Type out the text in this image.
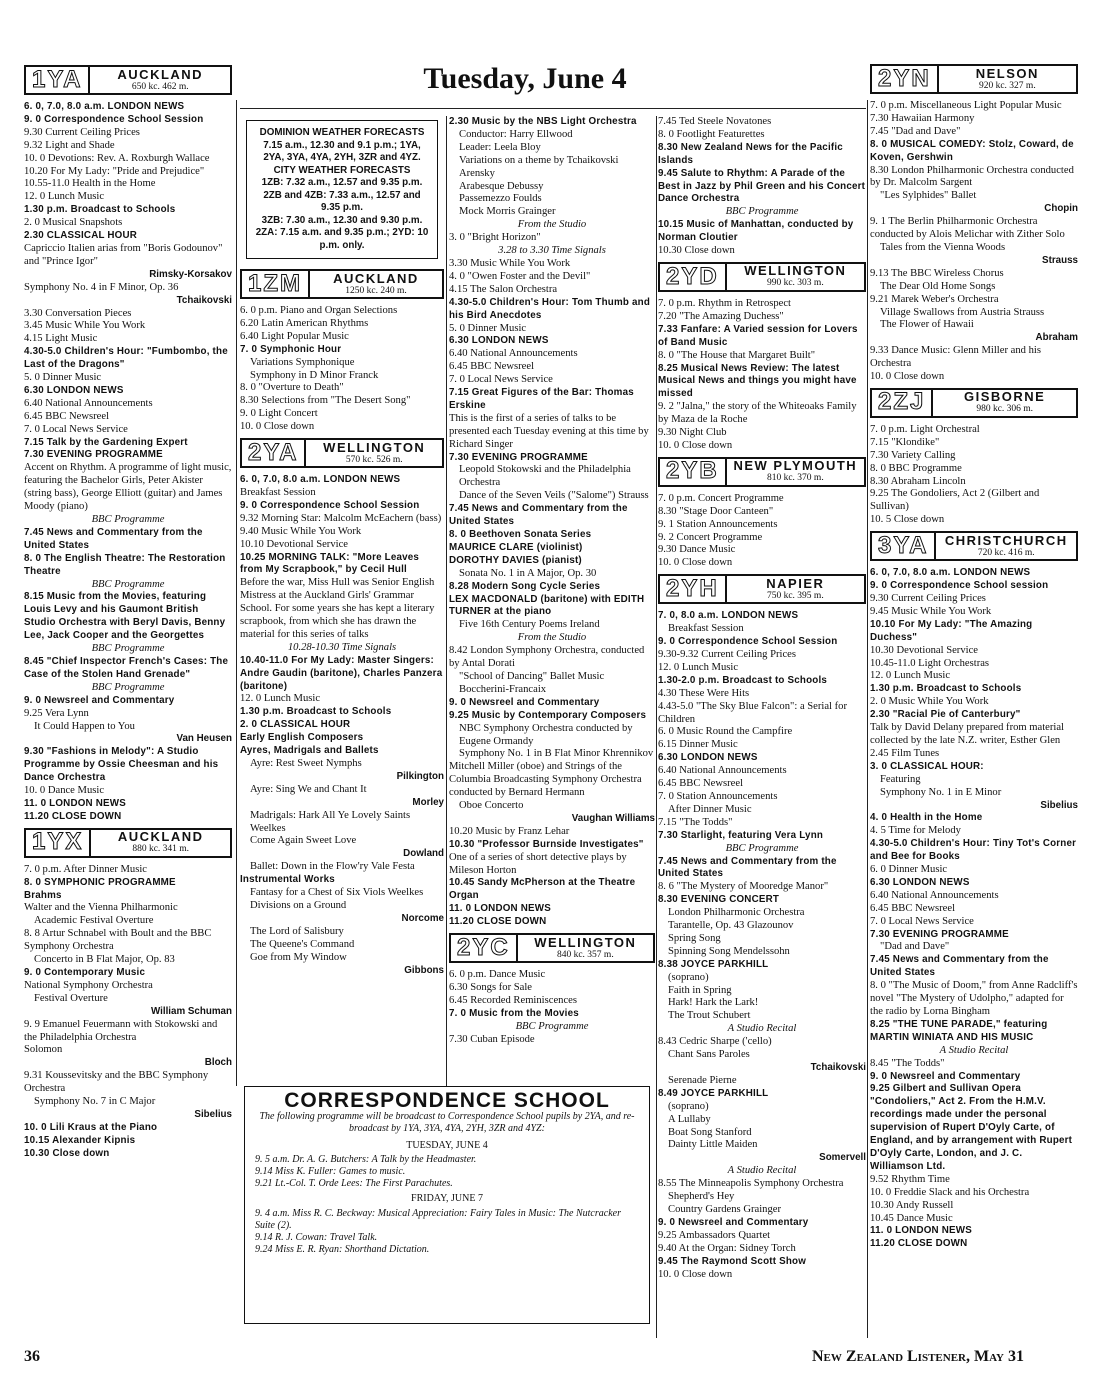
Tuesday, June 4
1YA	AUCKLAND
650 kc. 462 m.
6. 0, 7.0, 8.0 a.m. LONDON NEWS
9. 0 Correspondence School Session
9.30 Current Ceiling Prices
9.32 Light and Shade
10. 0 Devotions: Rev. A. Roxburgh Wallace
10.20 For My Lady: "Pride and Prejudice"
10.55-11.0 Health in the Home
12. 0 Lunch Music
1.30 p.m. Broadcast to Schools
2. 0 Musical Snapshots
2.30 CLASSICAL HOUR
Capriccio Italien arias from "Boris Godounov" and "Prince Igor"
Rimsky-Korsakov
Symphony No. 4 in F Minor, Op. 36
Tchaikovski
3.30 Conversation Pieces
3.45 Music While You Work
4.15 Light Music
4.30-5.0 Children's Hour: "Fumbombo, the Last of the Dragons"
5. 0 Dinner Music
6.30 LONDON NEWS
6.40 National Announcements
6.45 BBC Newsreel
7. 0 Local News Service
7.15 Talk by the Gardening Expert
7.30 EVENING PROGRAMME
Accent on Rhythm. A programme of light music, featuring the Bachelor Girls, Peter Akister (string bass), George Elliott (guitar) and James Moody (piano)
BBC Programme
7.45 News and Commentary from the United States
8. 0 The English Theatre: The Restoration Theatre
BBC Programme
8.15 Music from the Movies, featuring Louis Levy and his Gaumont British Studio Orchestra with Beryl Davis, Benny Lee, Jack Cooper and the Georgettes
BBC Programme
8.45 "Chief Inspector French's Cases: The Case of the Stolen Hand Grenade"
BBC Programme
9. 0 Newsreel and Commentary
9.25 Vera Lynn
It Could Happen to You
Van Heusen
9.30 "Fashions in Melody": A Studio Programme by Ossie Cheesman and his Dance Orchestra
10. 0 Dance Music
11. 0 LONDON NEWS
11.20 CLOSE DOWN
1YX	AUCKLAND
880 kc. 341 m.
7. 0 p.m. After Dinner Music
8. 0 SYMPHONIC PROGRAMME
Brahms
Walter and the Vienna Philharmonic
Academic Festival Overture
8. 8 Artur Schnabel with Boult and the BBC Symphony Orchestra
Concerto in B Flat Major, Op. 83
9. 0 Contemporary Music
National Symphony Orchestra
Festival Overture
William Schuman
9. 9 Emanuel Feuermann with Stokowski and the Philadelphia Orchestra
Solomon
Bloch
9.31 Koussevitsky and the BBC Symphony Orchestra
Symphony No. 7 in C Major
Sibelius
10. 0 Lili Kraus at the Piano
10.15 Alexander Kipnis
10.30 Close down
DOMINION WEATHER FORECASTS
7.15 a.m., 12.30 and 9.1 p.m.; 1YA, 2YA, 3YA, 4YA, 2YH, 3ZR and 4YZ.
CITY WEATHER FORECASTS
1ZB: 7.32 a.m., 12.57 and 9.35 p.m.
2ZB and 4ZB: 7.33 a.m., 12.57 and 9.35 p.m.
3ZB: 7.30 a.m., 12.30 and 9.30 p.m.
2ZA: 7.15 a.m. and 9.35 p.m.; 2YD: 10 p.m. only.
1ZM	AUCKLAND
1250 kc. 240 m.
6. 0 p.m. Piano and Organ Selections
6.20 Latin American Rhythms
6.40 Light Popular Music
7. 0 Symphonic Hour
Variations Symphonique
Symphony in D Minor Franck
8. 0 "Overture to Death"
8.30 Selections from "The Desert Song"
9. 0 Light Concert
10. 0 Close down
2YA	WELLINGTON
570 kc. 526 m.
6. 0, 7.0, 8.0 a.m. LONDON NEWS
Breakfast Session
9. 0 Correspondence School Session
9.32 Morning Star: Malcolm McEachern (bass)
9.40 Music While You Work
10.10 Devotional Service
10.25 MORNING TALK: "More Leaves from My Scrapbook," by Cecil Hull
Before the war, Miss Hull was Senior English Mistress at the Auckland Girls' Grammar School. For some years she has kept a literary scrapbook, from which she has drawn the material for this series of talks
10.28-10.30 Time Signals
10.40-11.0 For My Lady: Master Singers: Andre Gaudin (baritone), Charles Panzera (baritone)
12. 0 Lunch Music
1.30 p.m. Broadcast to Schools
2. 0 CLASSICAL HOUR
Early English Composers
Ayres, Madrigals and Ballets
Ayre: Rest Sweet Nymphs
Pilkington
Ayre: Sing We and Chant It
Morley
Madrigals: Hark All Ye Lovely Saints Weelkes
Come Again Sweet Love
Dowland
Ballet: Down in the Flow'ry Vale Festa
Instrumental Works
Fantasy for a Chest of Six Viols Weelkes
Divisions on a Ground
Norcome
The Lord of Salisbury
The Queene's Command
Goe from My Window
Gibbons
2.30 Music by the NBS Light Orchestra
Conductor: Harry Ellwood
Leader: Leela Bloy
Variations on a theme by Tchaikovski Arensky
Arabesque Debussy
Passemezzo Foulds
Mock Morris Grainger
From the Studio
3. 0 "Bright Horizon"
3.28 to 3.30 Time Signals
3.30 Music While You Work
4. 0 "Owen Foster and the Devil"
4.15 The Salon Orchestra
4.30-5.0 Children's Hour: Tom Thumb and his Bird Anecdotes
5. 0 Dinner Music
6.30 LONDON NEWS
6.40 National Announcements
6.45 BBC Newsreel
7. 0 Local News Service
7.15 Great Figures of the Bar: Thomas Erskine
This is the first of a series of talks to be presented each Tuesday evening at this time by Richard Singer
7.30 EVENING PROGRAMME
Leopold Stokowski and the Philadelphia Orchestra
Dance of the Seven Veils ("Salome") Strauss
7.45 News and Commentary from the United States
8. 0 Beethoven Sonata Series
MAURICE CLARE (violinist)
DOROTHY DAVIES (pianist)
Sonata No. 1 in A Major, Op. 30
8.28 Modern Song Cycle Series
LEX MACDONALD (baritone) with EDITH TURNER at the piano
Five 16th Century Poems Ireland
From the Studio
8.42 London Symphony Orchestra, conducted by Antal Dorati
"School of Dancing" Ballet Music Boccherini-Francaix
9. 0 Newsreel and Commentary
9.25 Music by Contemporary Composers
NBC Symphony Orchestra conducted by Eugene Ormandy
Symphony No. 1 in B Flat Minor Khrennikov
Mitchell Miller (oboe) and Strings of the Columbia Broadcasting Symphony Orchestra conducted by Bernard Hermann
Oboe Concerto
Vaughan Williams
10.20 Music by Franz Lehar
10.30 "Professor Burnside Investigates"
One of a series of short detective plays by Mileson Horton
10.45 Sandy McPherson at the Theatre Organ
11. 0 LONDON NEWS
11.20 CLOSE DOWN
2YC	WELLINGTON
840 kc. 357 m.
6. 0 p.m. Dance Music
6.30 Songs for Sale
6.45 Recorded Reminiscences
7. 0 Music from the Movies
BBC Programme
7.30 Cuban Episode
7.45 Ted Steele Novatones
8. 0 Footlight Featurettes
8.30 New Zealand News for the Pacific Islands
9.45 Salute to Rhythm: A Parade of the Best in Jazz by Phil Green and his Concert Dance Orchestra
BBC Programme
10.15 Music of Manhattan, conducted by Norman Cloutier
10.30 Close down
2YD	WELLINGTON
990 kc. 303 m.
7. 0 p.m. Rhythm in Retrospect
7.20 "The Amazing Duchess"
7.33 Fanfare: A Varied session for Lovers of Band Music
8. 0 "The House that Margaret Built"
8.25 Musical News Review: The latest Musical News and things you might have missed
9. 2 "Jalna," the story of the Whiteoaks Family by Maza de la Roche
9.30 Night Club
10. 0 Close down
2YB	NEW PLYMOUTH
810 kc. 370 m.
7. 0 p.m. Concert Programme
8.30 "Stage Door Canteen"
9. 1 Station Announcements
9. 2 Concert Programme
9.30 Dance Music
10. 0 Close down
2YH	NAPIER
750 kc. 395 m.
7. 0, 8.0 a.m. LONDON NEWS
Breakfast Session
9. 0 Correspondence School Session
9.30-9.32 Current Ceiling Prices
12. 0 Lunch Music
1.30-2.0 p.m. Broadcast to Schools
4.30 These Were Hits
4.43-5.0 "The Sky Blue Falcon": a Serial for Children
6. 0 Music Round the Campfire
6.15 Dinner Music
6.30 LONDON NEWS
6.40 National Announcements
6.45 BBC Newsreel
7. 0 Station Announcements
After Dinner Music
7.15 "The Todds"
7.30 Starlight, featuring Vera Lynn
BBC Programme
7.45 News and Commentary from the United States
8. 6 "The Mystery of Mooredge Manor"
8.30 EVENING CONCERT
London Philharmonic Orchestra
Tarantelle, Op. 43 Glazounov
Spring Song
Spinning Song Mendelssohn
8.38 JOYCE PARKHILL
(soprano)
Faith in Spring
Hark! Hark the Lark!
The Trout Schubert
A Studio Recital
8.43 Cedric Sharpe ('cello)
Chant Sans Paroles
Tchaikovski
Serenade Pierne
8.49 JOYCE PARKHILL
(soprano)
A Lullaby
Boat Song Stanford
Dainty Little Maiden
Somervell
A Studio Recital
8.55 The Minneapolis Symphony Orchestra
Shepherd's Hey
Country Gardens Grainger
9. 0 Newsreel and Commentary
9.25 Ambassadors Quartet
9.40 At the Organ: Sidney Torch
9.45 The Raymond Scott Show
10. 0 Close down
2YN	NELSON
920 kc. 327 m.
7. 0 p.m. Miscellaneous Light Popular Music
7.30 Hawaiian Harmony
7.45 "Dad and Dave"
8. 0 MUSICAL COMEDY: Stolz, Coward, de Koven, Gershwin
8.30 London Philharmonic Orchestra conducted by Dr. Malcolm Sargent
"Les Sylphides" Ballet
Chopin
9. 1 The Berlin Philharmonic Orchestra conducted by Alois Melichar with Zither Solo
Tales from the Vienna Woods
Strauss
9.13 The BBC Wireless Chorus
The Dear Old Home Songs
9.21 Marek Weber's Orchestra
Village Swallows from Austria Strauss
The Flower of Hawaii
Abraham
9.33 Dance Music: Glenn Miller and his Orchestra
10. 0 Close down
2ZJ	GISBORNE
980 kc. 306 m.
7. 0 p.m. Light Orchestral
7.15 "Klondike"
7.30 Variety Calling
8. 0 BBC Programme
8.30 Abraham Lincoln
9.25 The Gondoliers, Act 2 (Gilbert and Sullivan)
10. 5 Close down
3YA	CHRISTCHURCH
720 kc. 416 m.
6. 0, 7.0, 8.0 a.m. LONDON NEWS
9. 0 Correspondence School session
9.30 Current Ceiling Prices
9.45 Music While You Work
10.10 For My Lady: "The Amazing Duchess"
10.30 Devotional Service
10.45-11.0 Light Orchestras
12. 0 Lunch Music
1.30 p.m. Broadcast to Schools
2. 0 Music While You Work
2.30 "Racial Pie of Canterbury"
Talk by David Delany prepared from material collected by the late N.Z. writer, Esther Glen
2.45 Film Tunes
3. 0 CLASSICAL HOUR:
Featuring
Symphony No. 1 in E Minor
Sibelius
4. 0 Health in the Home
4. 5 Time for Melody
4.30-5.0 Children's Hour: Tiny Tot's Corner and Bee for Books
6. 0 Dinner Music
6.30 LONDON NEWS
6.40 National Announcements
6.45 BBC Newsreel
7. 0 Local News Service
7.30 EVENING PROGRAMME
"Dad and Dave"
7.45 News and Commentary from the United States
8. 0 "The Music of Doom," from Anne Radcliff's novel "The Mystery of Udolpho," adapted for the radio by Lorna Bingham
8.25 "THE TUNE PARADE," featuring MARTIN WINIATA AND HIS MUSIC
A Studio Recital
8.45 "The Todds"
9. 0 Newsreel and Commentary
9.25 Gilbert and Sullivan Opera "Condoliers," Act 2. From the H.M.V. recordings made under the personal supervision of Rupert D'Oyly Carte, of England, and by arrangement with Rupert D'Oyly Carte, London, and J. C. Williamson Ltd.
9.52 Rhythm Time
10. 0 Freddie Slack and his Orchestra
10.30 Andy Russell
10.45 Dance Music
11. 0 LONDON NEWS
11.20 CLOSE DOWN
CORRESPONDENCE SCHOOL
The following programme will be broadcast to Correspondence School pupils by 2YA, and re-broadcast by 1YA, 3YA, 4YA, 2YH, 3ZR and 4YZ:
TUESDAY, JUNE 4
9. 5 a.m. Dr. A. G. Butchers: A Talk by the Headmaster.
9.14 Miss K. Fuller: Games to music.
9.21 Lt.-Col. T. Orde Lees: The First Parachutes.
FRIDAY, JUNE 7
9. 4 a.m. Miss R. C. Beckway: Musical Appreciation: Fairy Tales in Music: The Nutcracker Suite (2).
9.14 R. J. Cowan: Travel Talk.
9.24 Miss E. R. Ryan: Shorthand Dictation.
36	New Zealand Listener, May 31
